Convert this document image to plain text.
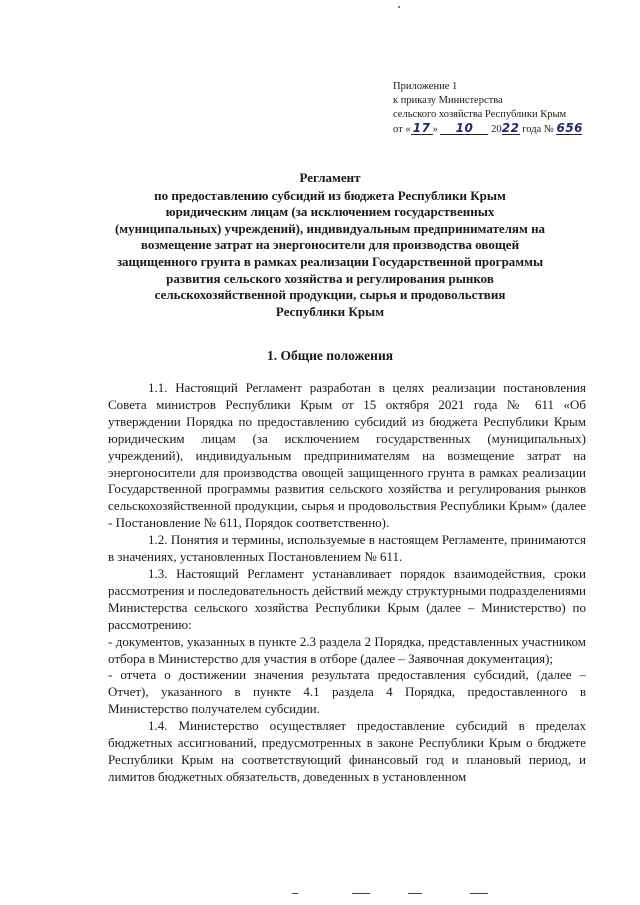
Приложение 1
к приказу Министерства
сельского хозяйства Республики Крым
от « 17 » 10 2022 года № 656
Регламент
по предоставлению субсидий из бюджета Республики Крым
юридическим лицам (за исключением государственных
(муниципальных) учреждений), индивидуальным предпринимателям на
возмещение затрат на энергоносители для производства овощей
защищенного грунта в рамках реализации Государственной программы
развития сельского хозяйства и регулирования рынков
сельскохозяйственной продукции, сырья и продовольствия
Республики Крым
1. Общие положения

1.1. Настоящий Регламент разработан в целях реализации постановления Совета министров Республики Крым от 15 октября 2021 года № 611 «Об утверждении Порядка по предоставлению субсидий из бюджета Республики Крым юридическим лицам (за исключением государственных (муниципальных) учреждений), индивидуальным предпринимателям на возмещение затрат на энергоносители для производства овощей защищенного грунта в рамках реализации Государственной программы развития сельского хозяйства и регулирования рынков сельскохозяйственной продукции, сырья и продовольствия Республики Крым» (далее - Постановление № 611, Порядок соответственно).

1.2. Понятия и термины, используемые в настоящем Регламенте, принимаются в значениях, установленных Постановлением № 611.

1.3. Настоящий Регламент устанавливает порядок взаимодействия, сроки рассмотрения и последовательность действий между структурными подразделениями Министерства сельского хозяйства Республики Крым (далее – Министерство) по рассмотрению:

- документов, указанных в пункте 2.3 раздела 2 Порядка, представленных участником отбора в Министерство для участия в отборе (далее – Заявочная документация);

- отчета о достижении значения результата предоставления субсидий, (далее – Отчет), указанного в пункте 4.1 раздела 4 Порядка, предоставленного в Министерство получателем субсидии.

1.4. Министерство осуществляет предоставление субсидий в пределах бюджетных ассигнований, предусмотренных в законе Республики Крым о бюджете Республики Крым на соответствующий финансовый год и плановый период, и лимитов бюджетных обязательств, доведенных в установленном
